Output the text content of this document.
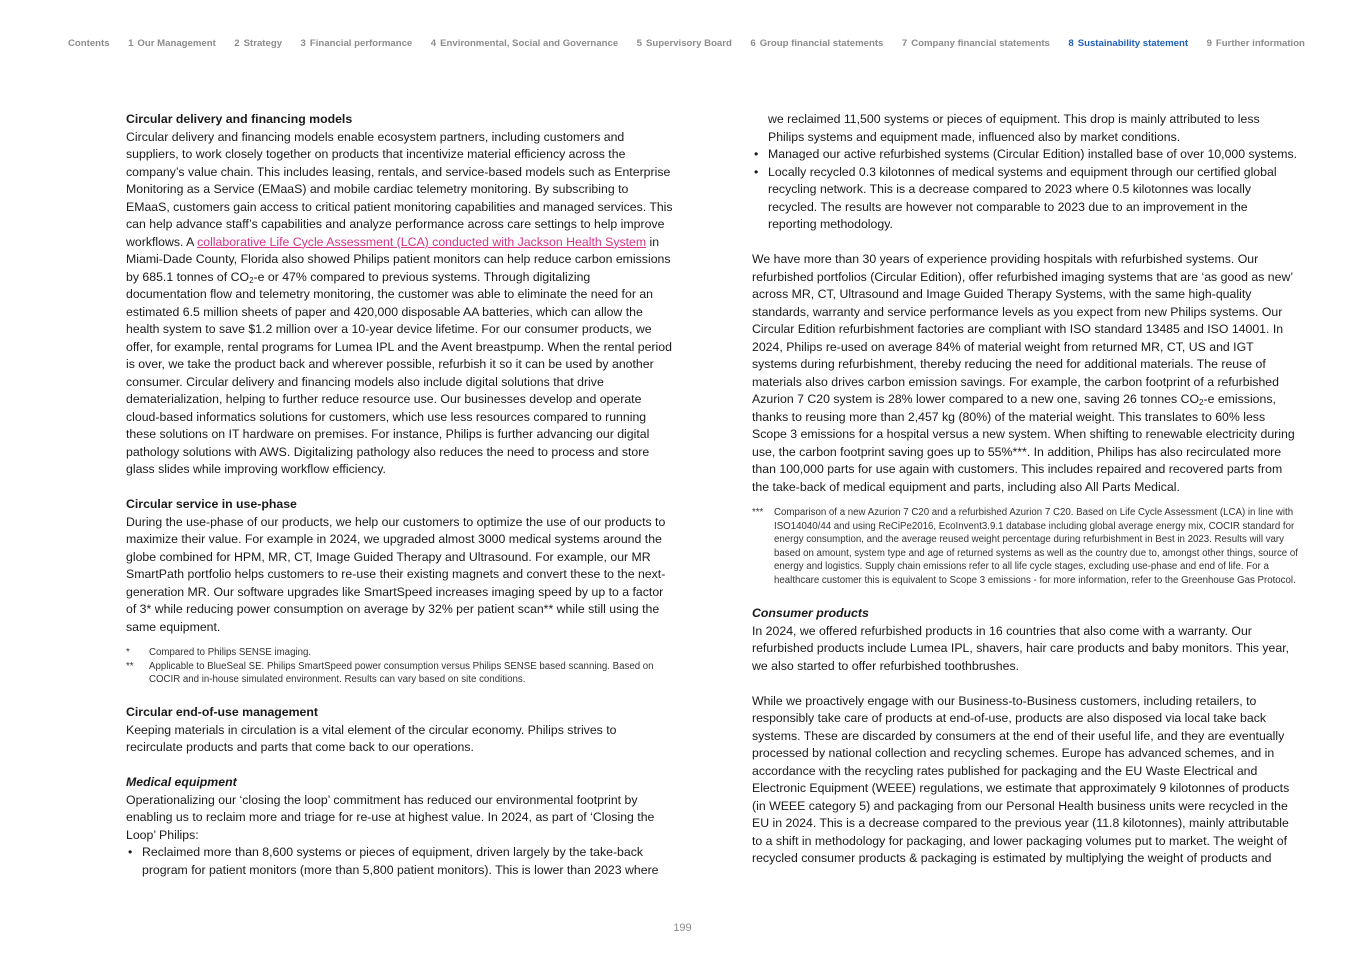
Contents 1 Our Management 2 Strategy 3 Financial performance 4 Environmental, Social and Governance 5 Supervisory Board 6 Group financial statements 7 Company financial statements 8 Sustainability statement 9 Further information
Circular delivery and financing models

Circular delivery and financing models enable ecosystem partners, including customers and suppliers, to work closely together on products that incentivize material efficiency across the company’s value chain. This includes leasing, rentals, and service-based models such as Enterprise Monitoring as a Service (EMaaS) and mobile cardiac telemetry monitoring. By subscribing to EMaaS, customers gain access to critical patient monitoring capabilities and managed services. This can help advance staff’s capabilities and analyze performance across care settings to help improve workflows. A collaborative Life Cycle Assessment (LCA) conducted with Jackson Health System in Miami-Dade County, Florida also showed Philips patient monitors can help reduce carbon emissions by 685.1 tonnes of $CO_2-e$ or 47% compared to previous systems. Through digitalizing documentation flow and telemetry monitoring, the customer was able to eliminate the need for an estimated 6.5 million sheets of paper and 420,000 disposable AA batteries, which can allow the health system to save $1.2 million over a 10-year device lifetime. For our consumer products, we offer, for example, rental programs for Lumea IPL and the Avent breastpump. When the rental period is over, we take the product back and wherever possible, refurbish it so it can be used by another consumer. Circular delivery and financing models also include digital solutions that drive dematerialization, helping to further reduce resource use. Our businesses develop and operate cloud-based informatics solutions for customers, which use less resources compared to running these solutions on IT hardware on premises. For instance, Philips is further advancing our digital pathology solutions with AWS. Digitalizing pathology also reduces the need to process and store glass slides while improving workflow efficiency.

Circular service in use-phase

During the use-phase of our products, we help our customers to optimize the use of our products to maximize their value. For example in 2024, we upgraded almost 3000 medical systems around the globe combined for HPM, MR, CT, Image Guided Therapy and Ultrasound. For example, our MR SmartPath portfolio helps customers to re-use their existing magnets and convert these to the next-generation MR. Our software upgrades like SmartSpeed increases imaging speed by up to a factor of 3* while reducing power consumption on average by 32% per patient scan** while still using the same equipment.

*	Compared to Philips SENSE imaging.
**	Applicable to BlueSeal SE. Philips SmartSpeed power consumption versus Philips SENSE based scanning. Based on COCIR and in-house simulated environment. Results can vary based on site conditions.
Circular end-of-use management

Keeping materials in circulation is a vital element of the circular economy. Philips strives to recirculate products and parts that come back to our operations.

Medical equipment

Operationalizing our ‘closing the loop’ commitment has reduced our environmental footprint by enabling us to reclaim more and triage for re-use at highest value. In 2024, as part of ‘Closing the Loop’ Philips:

• Reclaimed more than 8,600 systems or pieces of equipment, driven largely by the take-back program for patient monitors (more than 5,800 patient monitors). This is lower than 2023 where

we reclaimed 11,500 systems or pieces of equipment. This drop is mainly attributed to less Philips systems and equipment made, influenced also by market conditions.

• Managed our active refurbished systems (Circular Edition) installed base of over 10,000 systems.
• Locally recycled 0.3 kilotonnes of medical systems and equipment through our certified global recycling network. This is a decrease compared to 2023 where 0.5 kilotonnes was locally recycled. The results are however not comparable to 2023 due to an improvement in the reporting methodology.

We have more than 30 years of experience providing hospitals with refurbished systems. Our refurbished portfolios (Circular Edition), offer refurbished imaging systems that are ‘as good as new’ across MR, CT, Ultrasound and Image Guided Therapy Systems, with the same high-quality standards, warranty and service performance levels as you expect from new Philips systems. Our Circular Edition refurbishment factories are compliant with ISO standard 13485 and ISO 14001. In 2024, Philips re-used on average 84% of material weight from returned MR, CT, US and IGT systems during refurbishment, thereby reducing the need for additional materials. The reuse of materials also drives carbon emission savings. For example, the carbon footprint of a refurbished Azurion 7 C20 system is 28% lower compared to a new one, saving 26 tonnes $CO_2-e$ emissions, thanks to reusing more than 2,457 kg (80%) of the material weight. This translates to 60% less Scope 3 emissions for a hospital versus a new system. When shifting to renewable electricity during use, the carbon footprint saving goes up to 55%***. In addition, Philips has also recirculated more than 100,000 parts for use again with customers. This includes repaired and recovered parts from the take-back of medical equipment and parts, including also All Parts Medical.

***	Comparison of a new Azurion 7 C20 and a refurbished Azurion 7 C20. Based on Life Cycle Assessment (LCA) in line with ISO14040/44 and using ReCiPe2016, EcoInvent3.9.1 database including global average energy mix, COCIR standard for energy consumption, and the average reused weight percentage during refurbishment in Best in 2023. Results will vary based on amount, system type and age of returned systems as well as the country due to, amongst other things, source of energy and logistics. Supply chain emissions refer to all life cycle stages, excluding use-phase and end of life. For a healthcare customer this is equivalent to Scope 3 emissions - for more information, refer to the Greenhouse Gas Protocol.
Consumer products

In 2024, we offered refurbished products in 16 countries that also come with a warranty. Our refurbished products include Lumea IPL, shavers, hair care products and baby monitors. This year, we also started to offer refurbished toothbrushes.

While we proactively engage with our Business-to-Business customers, including retailers, to responsibly take care of products at end-of-use, products are also disposed via local take back systems. These are discarded by consumers at the end of their useful life, and they are eventually processed by national collection and recycling schemes. Europe has advanced schemes, and in accordance with the recycling rates published for packaging and the EU Waste Electrical and Electronic Equipment (WEEE) regulations, we estimate that approximately 9 kilotonnes of products (in WEEE category 5) and packaging from our Personal Health business units were recycled in the EU in 2024. This is a decrease compared to the previous year (11.8 kilotonnes), mainly attributable to a shift in methodology for packaging, and lower packaging volumes put to market. The weight of recycled consumer products & packaging is estimated by multiplying the weight of products and

199
